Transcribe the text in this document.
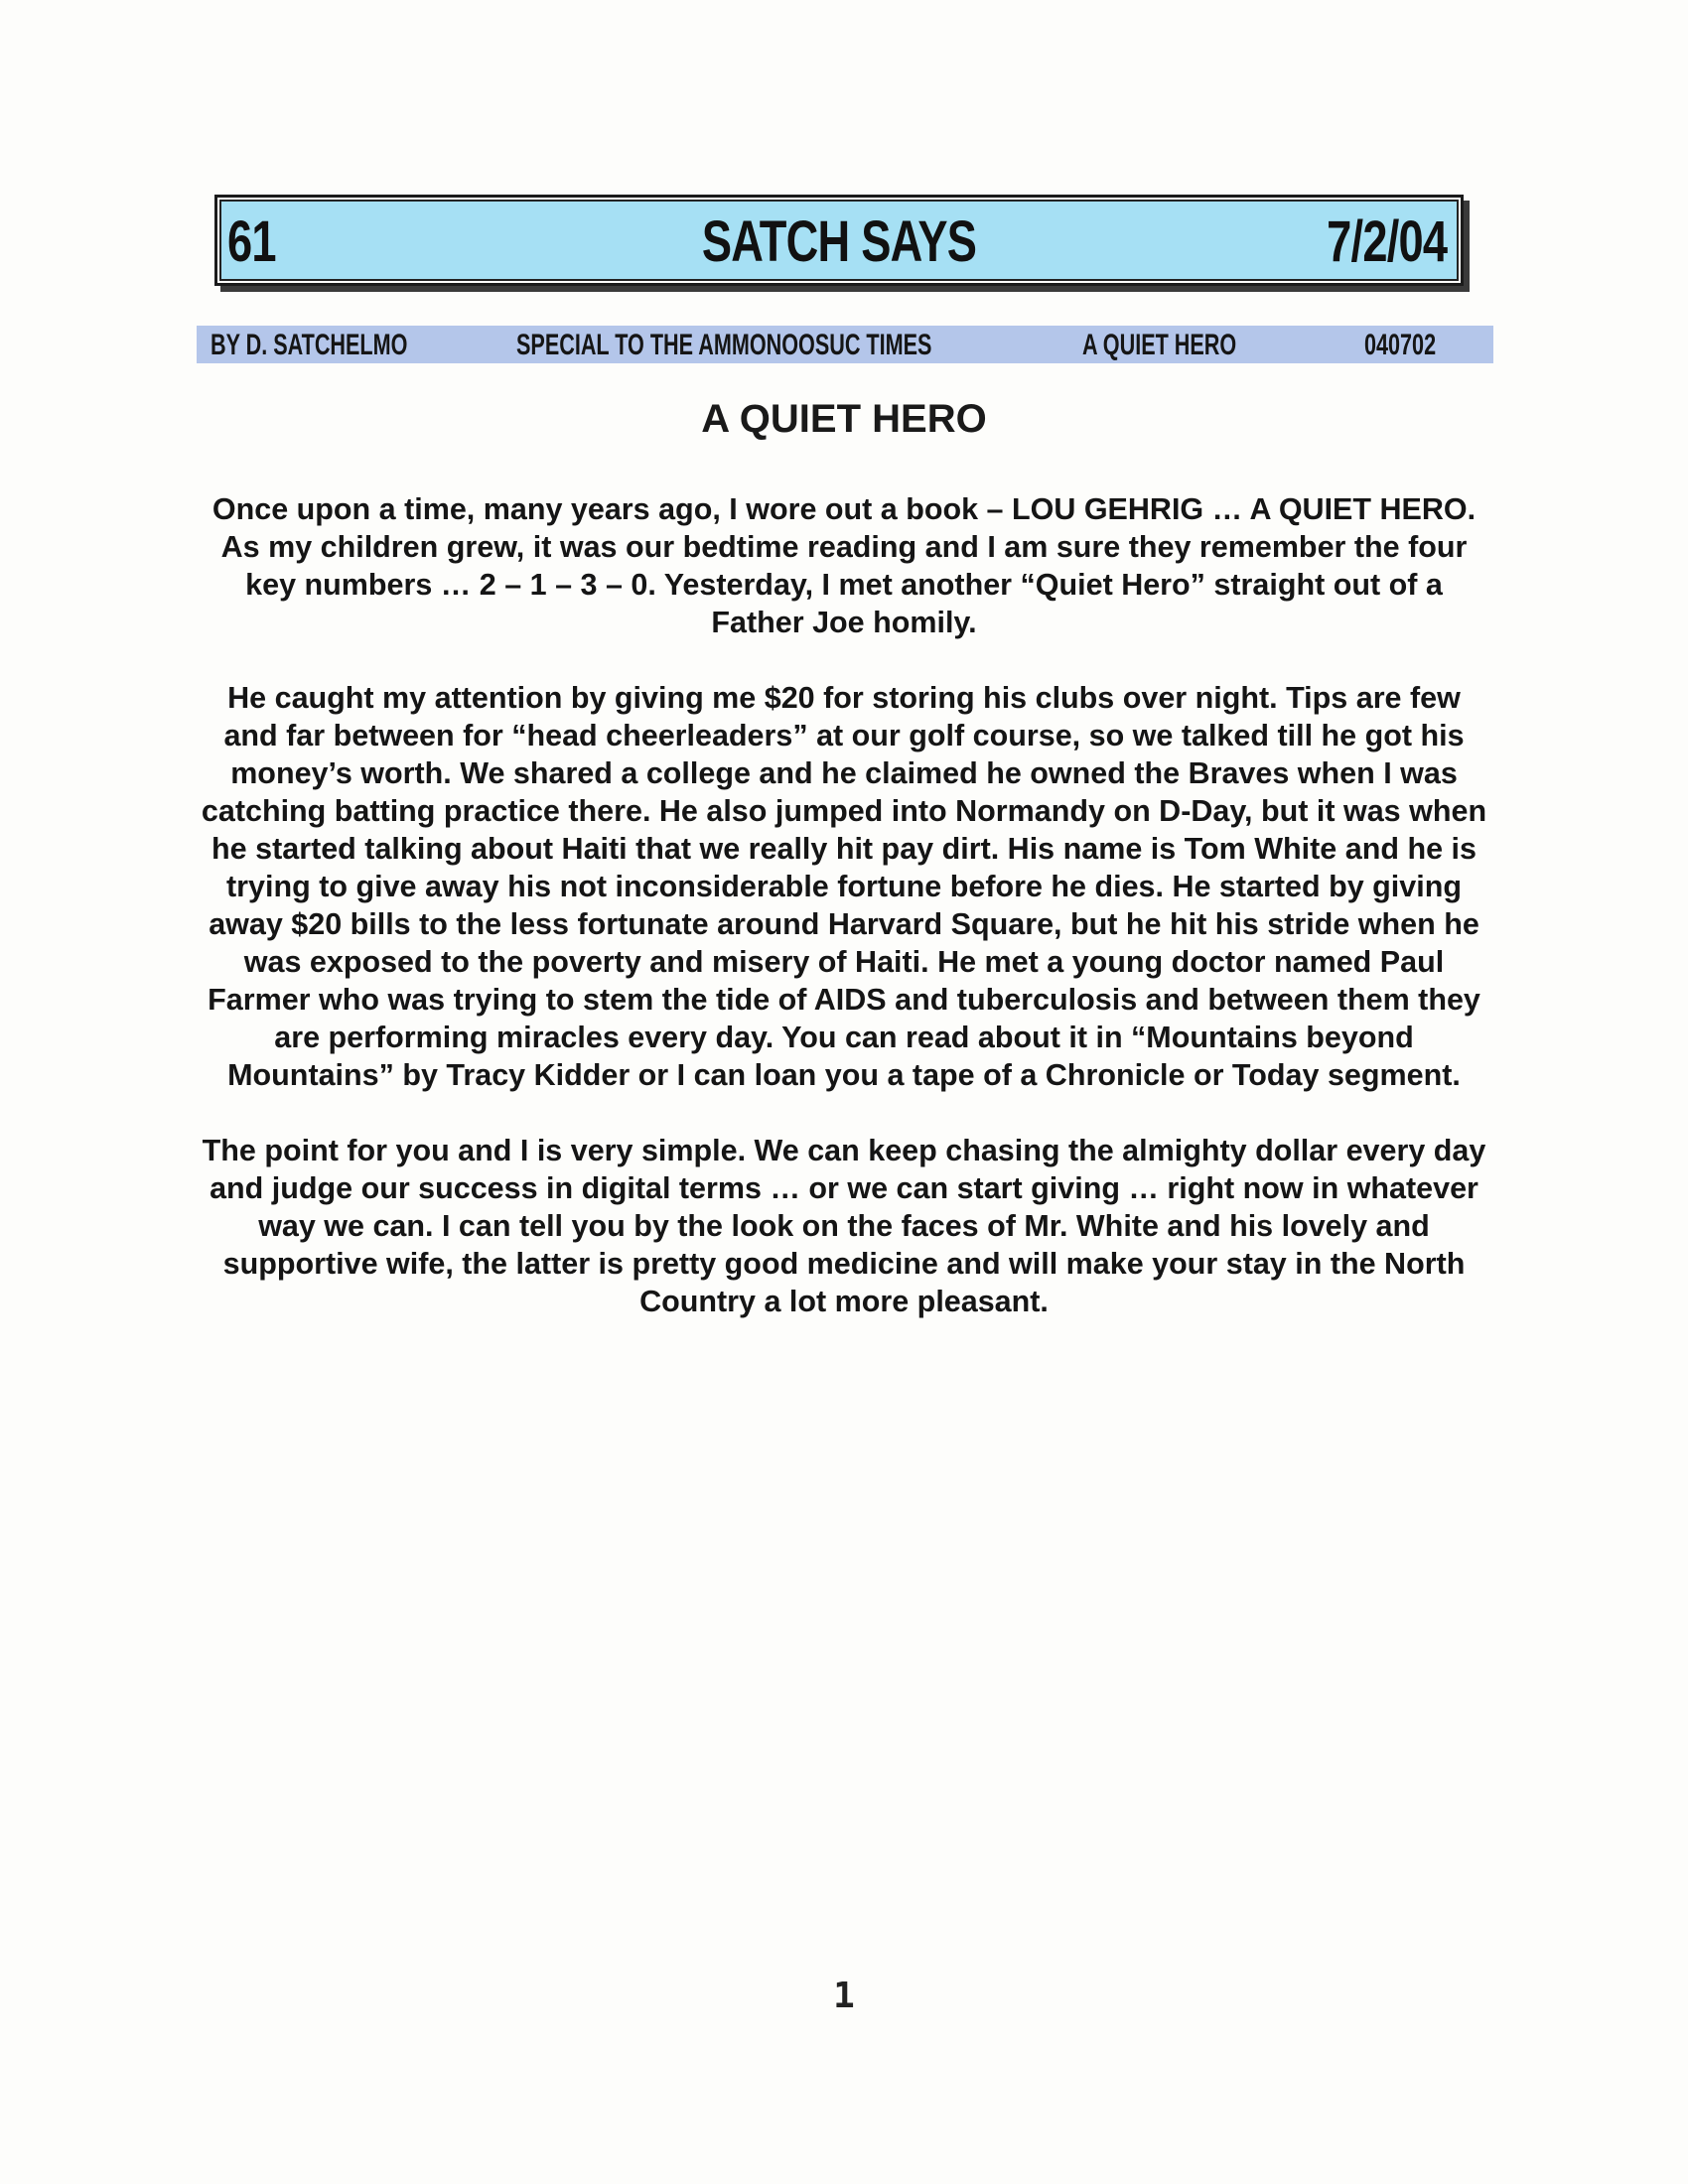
61	SATCH SAYS	7/2/04
BY D. SATCHELMO	SPECIAL TO THE AMMONOOSUC TIMES	A QUIET HERO	040702
A QUIET HERO

Once upon a time, many years ago, I wore out a book – LOU GEHRIG … A QUIET HERO. As my children grew, it was our bedtime reading and I am sure they remember the four key numbers … 2 – 1 – 3 – 0. Yesterday, I met another “Quiet Hero” straight out of a Father Joe homily.

He caught my attention by giving me $20 for storing his clubs over night. Tips are few and far between for “head cheerleaders” at our golf course, so we talked till he got his money’s worth. We shared a college and he claimed he owned the Braves when I was catching batting practice there. He also jumped into Normandy on D-Day, but it was when he started talking about Haiti that we really hit pay dirt. His name is Tom White and he is trying to give away his not inconsiderable fortune before he dies. He started by giving away $20 bills to the less fortunate around Harvard Square, but he hit his stride when he was exposed to the poverty and misery of Haiti. He met a young doctor named Paul Farmer who was trying to stem the tide of AIDS and tuberculosis and between them they are performing miracles every day. You can read about it in “Mountains beyond Mountains” by Tracy Kidder or I can loan you a tape of a Chronicle or Today segment.

The point for you and I is very simple. We can keep chasing the almighty dollar every day and judge our success in digital terms … or we can start giving … right now in whatever way we can. I can tell you by the look on the faces of Mr. White and his lovely and supportive wife, the latter is pretty good medicine and will make your stay in the North Country a lot more pleasant.

1
